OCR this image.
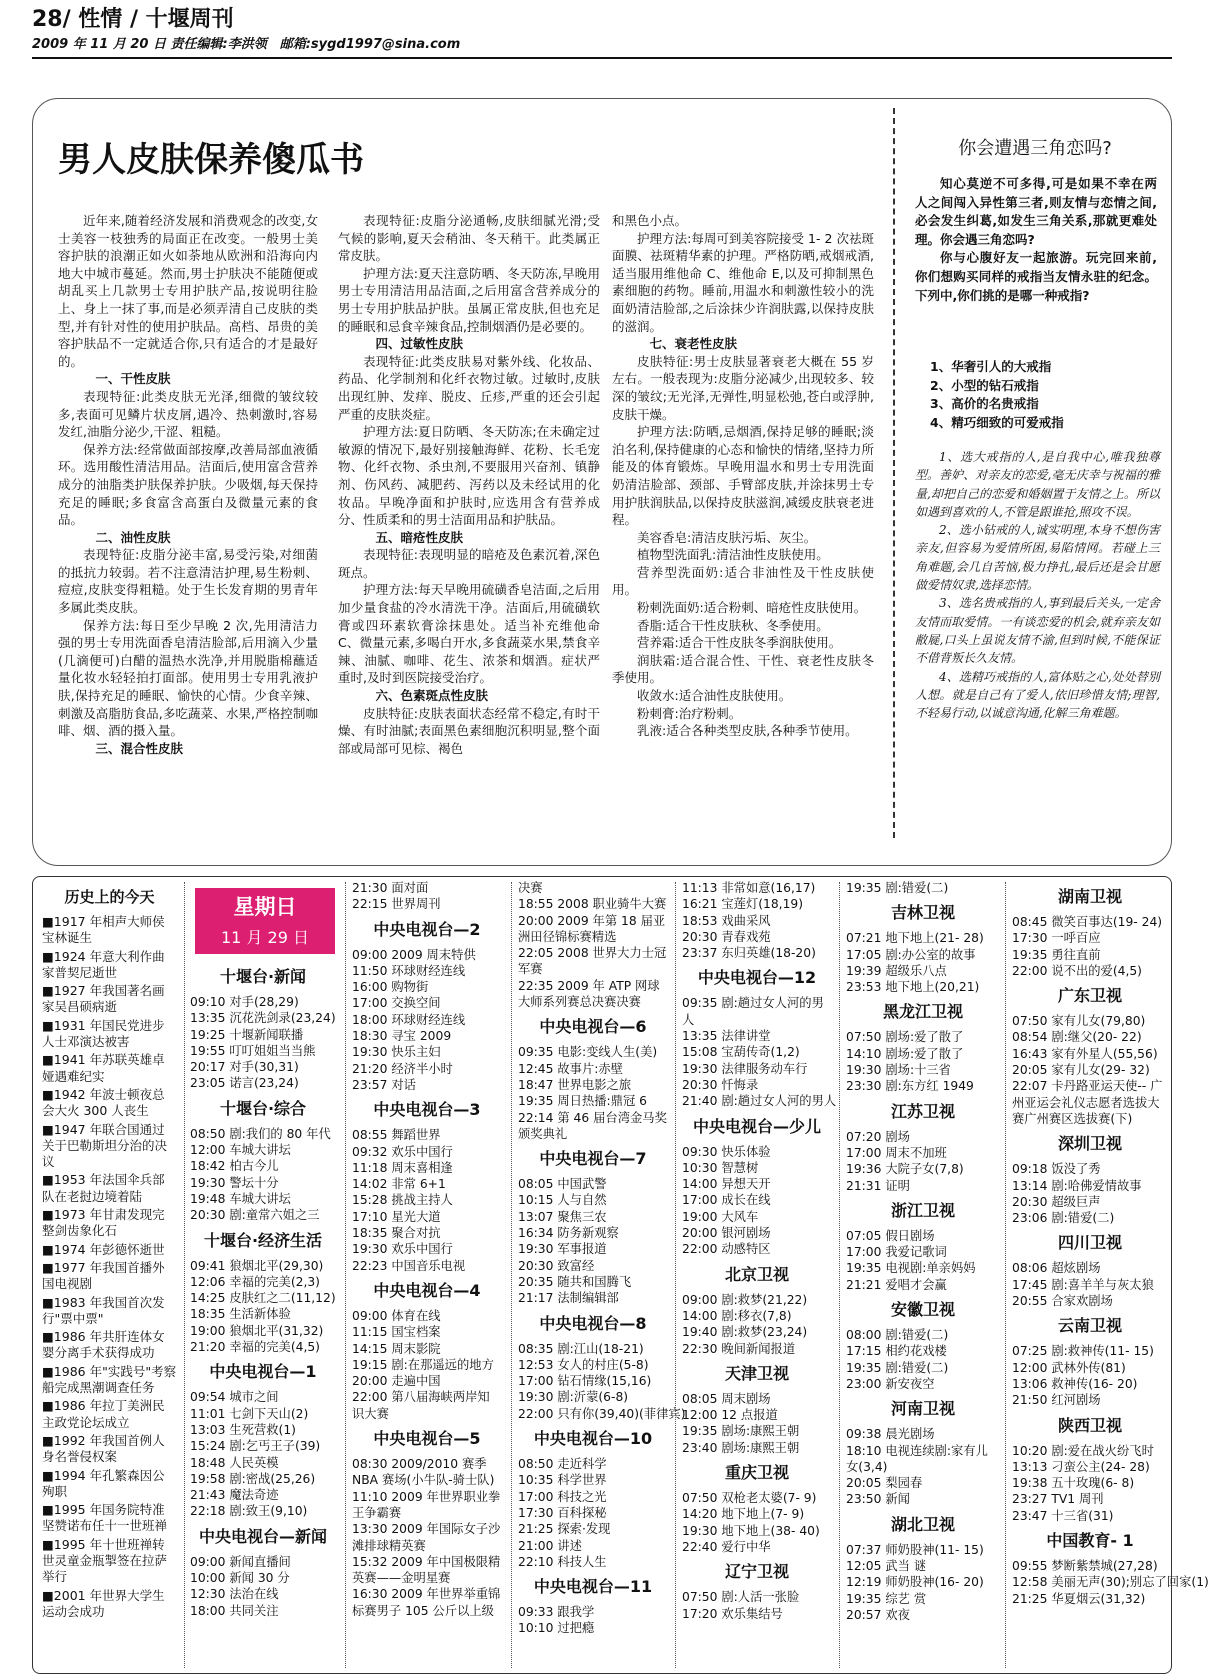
28/ 性情 / 十堰周刊
2009 年 11 月 20 日 责任编辑:李洪领　邮箱:sygd1997@sina.com
男人皮肤保养傻瓜书

近年来,随着经济发展和消费观念的改变,女士美容一枝独秀的局面正在改变。一般男士美容护肤的浪潮正如火如荼地从欧洲和沿海向内地大中城市蔓延。然而,男士护肤决不能随便或胡乱买上几款男士专用护肤产品,按说明往脸上、身上一抹了事,而是必须弄清自己皮肤的类型,并有针对性的使用护肤品。高档、昂贵的美容护肤品不一定就适合你,只有适合的才是最好的。

一、干性皮肤

表现特征:此类皮肤无光泽,细微的皱纹较多,表面可见鳞片状皮屑,遇冷、热刺激时,容易发红,油脂分泌少,干涩、粗糙。

保养方法:经常做面部按摩,改善局部血液循环。选用酸性清洁用品。洁面后,使用富含营养成分的油脂类护肤保养护肤。少吸烟,每天保持充足的睡眠;多食富含高蛋白及微量元素的食品。

二、油性皮肤

表现特征:皮脂分泌丰富,易受污染,对细菌的抵抗力较弱。若不注意清洁护理,易生粉刺、痘痘,皮肤变得粗糙。处于生长发育期的男青年多属此类皮肤。

保养方法:每日至少早晚 2 次,先用清洁力强的男士专用洗面香皂清洁脸部,后用滴入少量(几滴便可)白醋的温热水洗净,并用脱脂棉蘸适量化妆水轻轻拍打面部。使用男士专用乳液护肤,保持充足的睡眠、愉快的心情。少食辛辣、刺激及高脂肪食品,多吃蔬菜、水果,严格控制咖啡、烟、酒的摄入量。

三、混合性皮肤

表现特征:皮脂分泌通畅,皮肤细腻光滑;受气候的影响,夏天会稍油、冬天稍干。此类属正常皮肤。

护理方法:夏天注意防晒、冬天防冻,早晚用男士专用清洁用品洁面,之后用富含营养成分的男士专用护肤品护肤。虽属正常皮肤,但也充足的睡眠和忌食辛辣食品,控制烟酒仍是必要的。

四、过敏性皮肤

表现特征:此类皮肤易对紫外线、化妆品、药品、化学制剂和化纤衣物过敏。过敏时,皮肤出现红肿、发痒、脱皮、丘疹,严重的还会引起严重的皮肤炎症。

护理方法:夏日防晒、冬天防冻;在未确定过敏源的情况下,最好别接触海鲜、花粉、长毛宠物、化纤衣物、杀虫剂,不要服用兴奋剂、镇静剂、伤风药、减肥药、泻药以及未经试用的化妆品。早晚净面和护肤时,应选用含有营养成分、性质柔和的男士洁面用品和护肤品。

五、暗疮性皮肤

表现特征:表现明显的暗疮及色素沉着,深色斑点。

护理方法:每天早晚用硫磺香皂洁面,之后用加少量食盐的冷水清洗干净。洁面后,用硫磺软膏或四环素软膏涂抹患处。适当补充维他命 C、微量元素,多喝白开水,多食蔬菜水果,禁食辛辣、油腻、咖啡、花生、浓茶和烟酒。症状严重时,及时到医院接受治疗。

六、色素斑点性皮肤

皮肤特征:皮肤表面状态经常不稳定,有时干燥、有时油腻;表面黑色素细胞沉积明显,整个面部或局部可见棕、褐色

和黑色小点。

护理方法:每周可到美容院接受 1- 2 次祛斑面膜、祛斑精华素的护理。严格防晒,戒烟戒酒,适当服用维他命 C、维他命 E,以及可抑制黑色素细胞的药物。睡前,用温水和刺激性较小的洗面奶清洁脸部,之后涂抹少许润肤露,以保持皮肤的滋润。

七、衰老性皮肤

皮肤特征:男士皮肤显著衰老大概在 55 岁左右。一般表现为:皮脂分泌减少,出现较多、较深的皱纹;无光泽,无弹性,明显松弛,苍白或浮肿,皮肤干燥。

护理方法:防晒,忌烟酒,保持足够的睡眠;淡泊名利,保持健康的心态和愉快的情绪,坚持力所能及的体育锻炼。早晚用温水和男士专用洗面奶清洁脸部、颈部、手臂部皮肤,并涂抹男士专用护肤润肤品,以保持皮肤滋润,减缓皮肤衰老进程。

美容香皂:清洁皮肤污垢、灰尘。

植物型洗面乳:清洁油性皮肤使用。

营养型洗面奶:适合非油性及干性皮肤使用。

粉刺洗面奶:适合粉刺、暗疮性皮肤使用。

香脂:适合干性皮肤秋、冬季使用。

营养霜:适合干性皮肤冬季润肤使用。

润肤霜:适合混合性、干性、衰老性皮肤冬季使用。

收敛水:适合油性皮肤使用。

粉刺膏:治疗粉刺。

乳液:适合各种类型皮肤,各种季节使用。

你会遭遇三角恋吗?

知心莫逆不可多得,可是如果不幸在两人之间闯入异性第三者,则友情与恋情之间,必会发生纠葛,如发生三角关系,那就更难处理。你会遇三角恋吗?

你与心腹好友一起旅游。玩完回来前,你们想购买同样的戒指当友情永驻的纪念。下列中,你们挑的是哪一种戒指?

1、华奢引人的大戒指
2、小型的钻石戒指
3、高价的名贵戒指
4、精巧细致的可爱戒指

1、选大戒指的人,是自我中心,唯我独尊型。善妒、对亲友的恋爱,毫无庆幸与祝福的雅量,却把自己的恋爱和婚姻置于友情之上。所以如遇到喜欢的人,不管是跟谁抢,照攻不误。

2、选小钻戒的人,诚实明理,本身不想伤害亲友,但容易为爱情所困,易陷情网。若碰上三角难题,会几自苦恼,极力挣扎,最后还是会甘愿做爱情奴隶,选择恋情。

3、选名贵戒指的人,事到最后关头,一定舍友情而取爱情。一有谈恋爱的机会,就弃亲友如敝屣,口头上虽说友情不渝,但到时候,不能保证不借背叛长久友情。

4、选精巧戒指的人,富体贴之心,处处替别人想。就是自己有了爱人,依旧珍惜友情;理智,不轻易行动,以诚意沟通,化解三角难题。

历史上的今天
■1917 年相声大师侯宝林诞生
■1924 年意大利作曲家普契尼逝世
■1927 年我国著名画家吴昌硕病逝
■1931 年国民党进步人士邓演达被害
■1941 年苏联英雄卓娅遇难纪实
■1942 年波士顿夜总会大火 300 人丧生
■1947 年联合国通过关于巴勒斯坦分治的决议
■1953 年法国伞兵部队在老挝边境着陆
■1973 年甘肃发现完整剑齿象化石
■1974 年彭德怀逝世
■1977 年我国首播外国电视剧
■1983 年我国首次发行"票中票"
■1986 年共肝连体女婴分离手术获得成功
■1986 年"实践号"考察船完成黑潮调查任务
■1986 年拉丁美洲民主政党论坛成立
■1992 年我国首例人身名誉侵权案
■1994 年孔繁森因公殉职
■1995 年国务院特准坚赞诺布任十一世班禅
■1995 年十世班禅转世灵童金瓶掣签在拉萨举行
■2001 年世界大学生运动会成功
星期日
11 月 29 日
十堰台·新闻
09:10 对手(28,29)
13:35 沉花洗剑录(23,24)
19:25 十堰新闻联播
19:55 叮叮姐姐当当熊
20:17 对手(30,31)
23:05 诺言(23,24)
十堰台·综合
08:50 剧:我们的 80 年代
12:00 车城大讲坛
18:42 柏古今儿
19:30 警坛十分
19:48 车城大讲坛
20:30 剧:童常六姐之三
十堰台·经济生活
09:41 狼烟北平(29,30)
12:06 幸福的完美(2,3)
14:25 皮肤红之二(11,12)
18:35 生活新体验
19:00 狼烟北平(31,32)
21:20 幸福的完美(4,5)
中央电视台—1
09:54 城市之间
11:01 七剑下天山(2)
13:03 生死营救(1)
15:24 剧:乞丐王子(39)
18:48 人民英模
19:58 剧:密战(25,26)
21:43 魔法奇迹
22:18 剧:致王(9,10)
中央电视台—新闻
09:00 新闻直播间
10:00 新闻 30 分
12:30 法治在线
18:00 共同关注
21:30 面对面
22:15 世界周刊
中央电视台—2
09:00 2009 周末特供
11:50 环球财经连线
16:00 购物街
17:00 交换空间
18:00 环球财经连线
18:30 寻宝 2009
19:30 快乐主妇
21:20 经济半小时
23:57 对话
中央电视台—3
08:55 舞蹈世界
09:32 欢乐中国行
11:18 周末喜相逢
14:02 非常 6+1
15:28 挑战主持人
17:10 星光大道
18:35 聚合对抗
19:30 欢乐中国行
22:23 中国音乐电视
中央电视台—4
09:00 体育在线
11:15 国宝档案
14:15 周末影院
19:15 剧:在那遥远的地方
20:00 走遍中国
22:00 第八届海峡两岸知识大赛
中央电视台—5
08:30 2009/2010 赛季 NBA 赛场(小牛队-骑士队)
11:10 2009 年世界职业拳王争霸赛
13:30 2009 年国际女子沙滩排球精英赛
15:32 2009 年中国极限精英赛——金明星赛
16:30 2009 年世界举重锦标赛男子 105 公斤以上级
决赛
18:55 2008 职业骑牛大赛
20:00 2009 年第 18 届亚洲田径锦标赛精选
22:05 2008 世界大力士冠军赛
22:35 2009 年 ATP 网球大师系列赛总决赛决赛
中央电视台—6
09:35 电影:变线人生(美)
12:45 故事片:赤壁
18:47 世界电影之旅
19:35 周日热播:鼎冠 6
22:14 第 46 届台湾金马奖颁奖典礼
中央电视台—7
08:05 中国武警
10:15 人与自然
13:07 聚焦三农
16:34 防务新观察
19:30 军事报道
20:30 致富经
20:35 随共和国腾飞
21:17 法制编辑部
中央电视台—8
08:35 剧:江山(18-21)
12:53 女人的村庄(5-8)
17:00 钻石情缘(15,16)
19:30 剧:沂蒙(6-8)
22:00 只有你(39,40)(菲律宾)
中央电视台—10
08:50 走近科学
10:35 科学世界
17:00 科技之光
17:30 百科探秘
21:25 探索·发现
21:00 讲述
22:10 科技人生
中央电视台—11
09:33 跟我学
10:10 过把瘾
11:13 非常如意(16,17)
16:21 宝莲灯(18,19)
18:53 戏曲采风
20:30 青春戏苑
23:37 东归英雄(18-20)
中央电视台—12
09:35 剧:趟过女人河的男人
13:35 法律讲堂
15:08 宝葫传奇(1,2)
19:30 法律服务动车行
20:30 忏悔录
21:40 剧:趟过女人河的男人
中央电视台—少儿
09:30 快乐体验
10:30 智慧树
14:00 异想天开
17:00 成长在线
19:00 大风车
20:00 银河剧场
22:00 动感特区
北京卫视
09:00 剧:救梦(21,22)
14:00 剧:移衣(7,8)
19:40 剧:救梦(23,24)
22:30 晚间新闻报道
天津卫视
08:05 周末剧场
12:00 12 点报道
19:35 剧场:康熙王朝
23:40 剧场:康熙王朝
重庆卫视
07:50 双枪老太婆(7- 9)
14:20 地下地上(7- 9)
19:30 地下地上(38- 40)
22:40 爱行中华
辽宁卫视
07:50 剧:人活一张脸
17:20 欢乐集结号
19:35 剧:错爱(二)
吉林卫视
07:21 地下地上(21- 28)
17:05 剧:办公室的故事
19:39 超级乐八点
23:53 地下地上(20,21)
黑龙江卫视
07:50 剧场:爱了散了
14:10 剧场:爱了散了
19:30 剧场:十三省
23:30 剧:东方红 1949
江苏卫视
07:20 剧场
17:00 周末不加班
19:36 大院子女(7,8)
21:31 证明
浙江卫视
07:05 假日剧场
17:00 我爱记歌词
19:35 电视剧:单亲妈妈
21:21 爱唱才会赢
安徽卫视
08:00 剧:错爱(二)
17:15 相约花戏楼
19:35 剧:错爱(二)
23:00 新安夜空
河南卫视
09:38 晨光剧场
18:10 电视连续剧:家有儿女(3,4)
20:05 梨园春
23:50 新闻
湖北卫视
07:37 师奶股神(11- 15)
12:05 武当 谜
12:19 师奶股神(16- 20)
19:35 综艺 赏
20:57 欢夜
湖南卫视
08:45 微笑百事达(19- 24)
17:30 一呼百应
19:35 勇往直前
22:00 说不出的爱(4,5)
广东卫视
07:50 家有儿女(79,80)
08:54 剧:继父(20- 22)
16:43 家有外星人(55,56)
20:05 家有儿女(29- 32)
22:07 卡丹路亚运天使-- 广州亚运会礼仪志愿者选拔大赛广州赛区选拔赛(下)
深圳卫视
09:18 饭没了秀
13:14 剧:哈佛爱情故事
20:30 超级巨声
23:06 剧:错爱(二)
四川卫视
08:06 超炫剧场
17:45 剧:喜羊羊与灰太狼
20:55 合家欢剧场
云南卫视
07:25 剧:救神传(11- 15)
12:00 武林外传(81)
13:06 救神传(16- 20)
21:50 红河剧场
陕西卫视
10:20 剧:爱在战火纷飞时
13:13 刁蛮公主(24- 28)
19:38 五十玫瑰(6- 8)
23:27 TV1 周刊
23:47 十三省(31)
中国教育- 1
09:55 梦断紫禁城(27,28)
12:58 美丽无声(30);别忘了回家(1)
21:25 华夏烟云(31,32)
